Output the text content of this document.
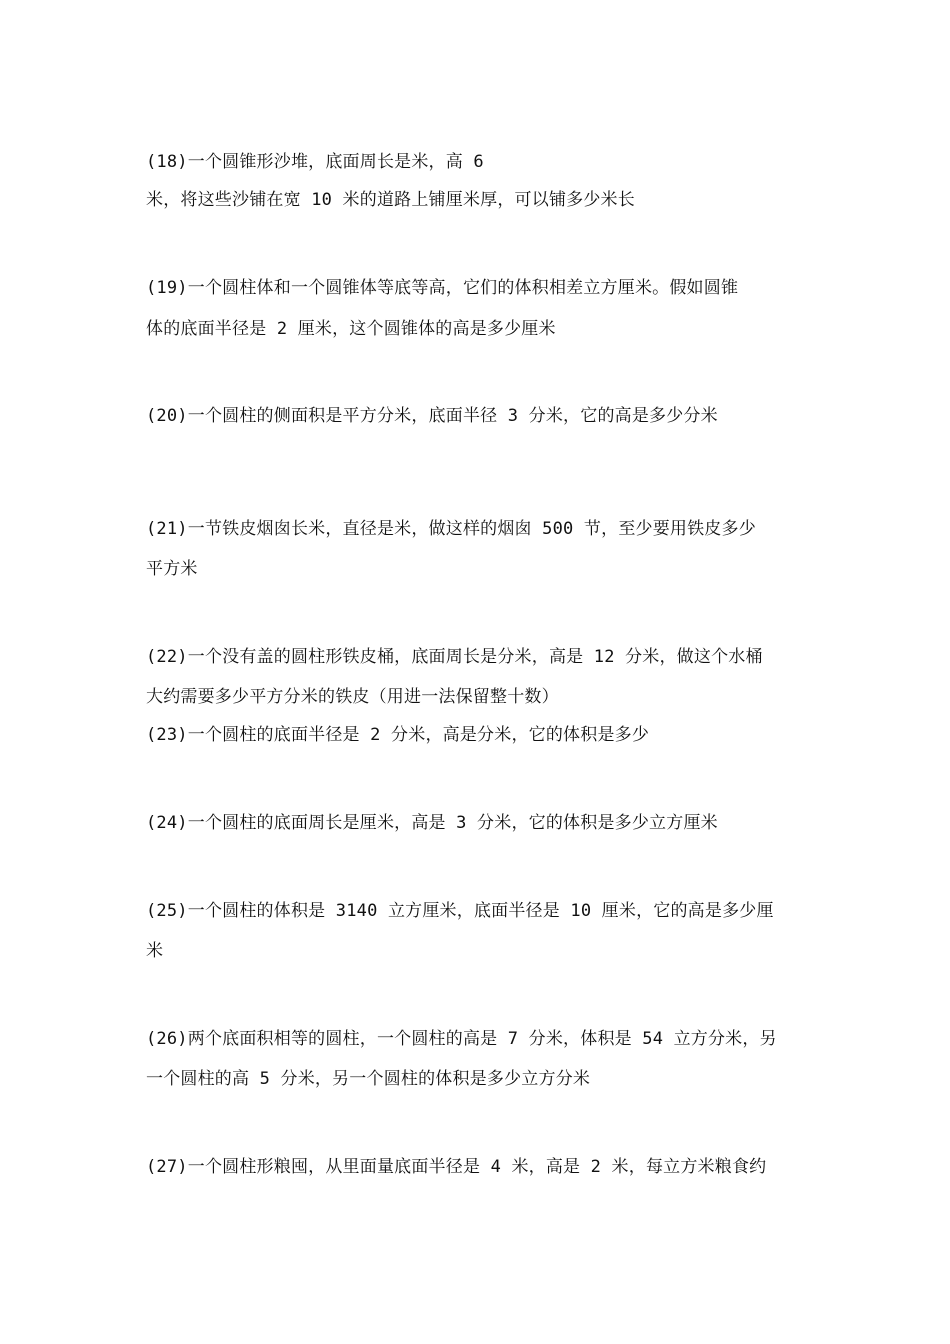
(18)一个圆锥形沙堆，底面周长是米，高 6
米，将这些沙铺在宽 10 米的道路上铺厘米厚，可以铺多少米长
(19)一个圆柱体和一个圆锥体等底等高，它们的体积相差立方厘米。假如圆锥
体的底面半径是 2 厘米，这个圆锥体的高是多少厘米
(20)一个圆柱的侧面积是平方分米，底面半径 3 分米，它的高是多少分米
(21)一节铁皮烟囱长米，直径是米，做这样的烟囱 500 节，至少要用铁皮多少
平方米
(22)一个没有盖的圆柱形铁皮桶，底面周长是分米，高是 12 分米，做这个水桶
大约需要多少平方分米的铁皮（用进一法保留整十数）
(23)一个圆柱的底面半径是 2 分米，高是分米，它的体积是多少
(24)一个圆柱的底面周长是厘米，高是 3 分米，它的体积是多少立方厘米
(25)一个圆柱的体积是 3140 立方厘米，底面半径是 10 厘米，它的高是多少厘
米
(26)两个底面积相等的圆柱，一个圆柱的高是 7 分米，体积是 54 立方分米，另
一个圆柱的高 5 分米，另一个圆柱的体积是多少立方分米
(27)一个圆柱形粮囤，从里面量底面半径是 4 米，高是 2 米，每立方米粮食约
